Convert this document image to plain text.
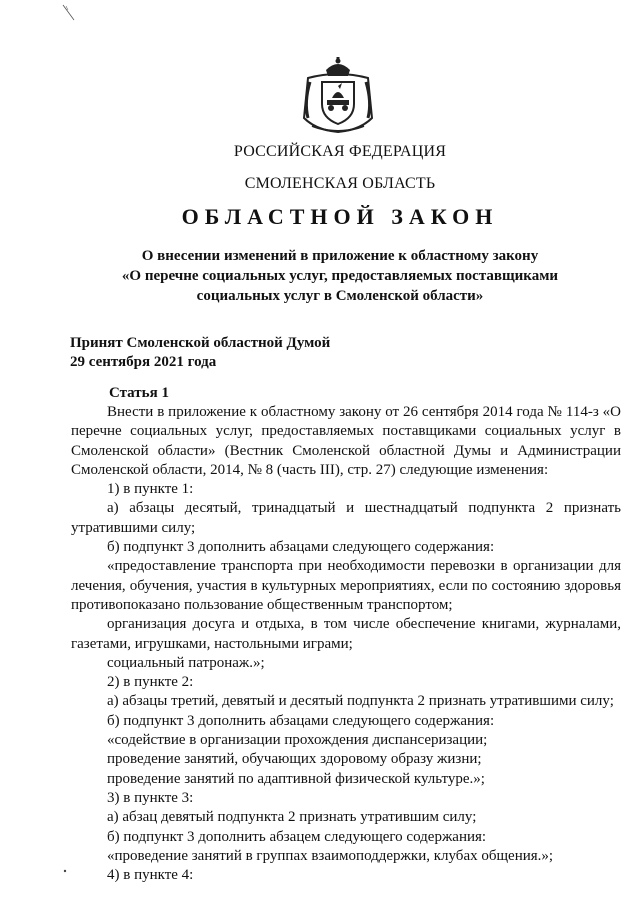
РОССИЙСКАЯ ФЕДЕРАЦИЯ
СМОЛЕНСКАЯ ОБЛАСТЬ
ОБЛАСТНОЙ ЗАКОН
О внесении изменений в приложение к областному закону
«О перечне социальных услуг, предоставляемых поставщиками
социальных услуг в Смоленской области»
Принят Смоленской областной Думой
29 сентября 2021 года
Статья 1

Внести в приложение к областному закону от 26 сентября 2014 года № 114-з «О перечне социальных услуг, предоставляемых поставщиками социальных услуг в Смоленской области» (Вестник Смоленской областной Думы и Администрации Смоленской области, 2014, № 8 (часть III), стр. 27) следующие изменения:

1) в пункте 1:

а) абзацы десятый, тринадцатый и шестнадцатый подпункта 2 признать утратившими силу;

б) подпункт 3 дополнить абзацами следующего содержания:

«предоставление транспорта при необходимости перевозки в организации для лечения, обучения, участия в культурных мероприятиях, если по состоянию здоровья противопоказано пользование общественным транспортом;

организация досуга и отдыха, в том числе обеспечение книгами, журналами, газетами, игрушками, настольными играми;

социальный патронаж.»;

2) в пункте 2:

а) абзацы третий, девятый и десятый подпункта 2 признать утратившими силу;

б) подпункт 3 дополнить абзацами следующего содержания:

«содействие в организации прохождения диспансеризации;

проведение занятий, обучающих здоровому образу жизни;

проведение занятий по адаптивной физической культуре.»;

3) в пункте 3:

а) абзац девятый подпункта 2 признать утратившим силу;

б) подпункт 3 дополнить абзацем следующего содержания:

«проведение занятий в группах взаимоподдержки, клубах общения.»;

4) в пункте 4:
